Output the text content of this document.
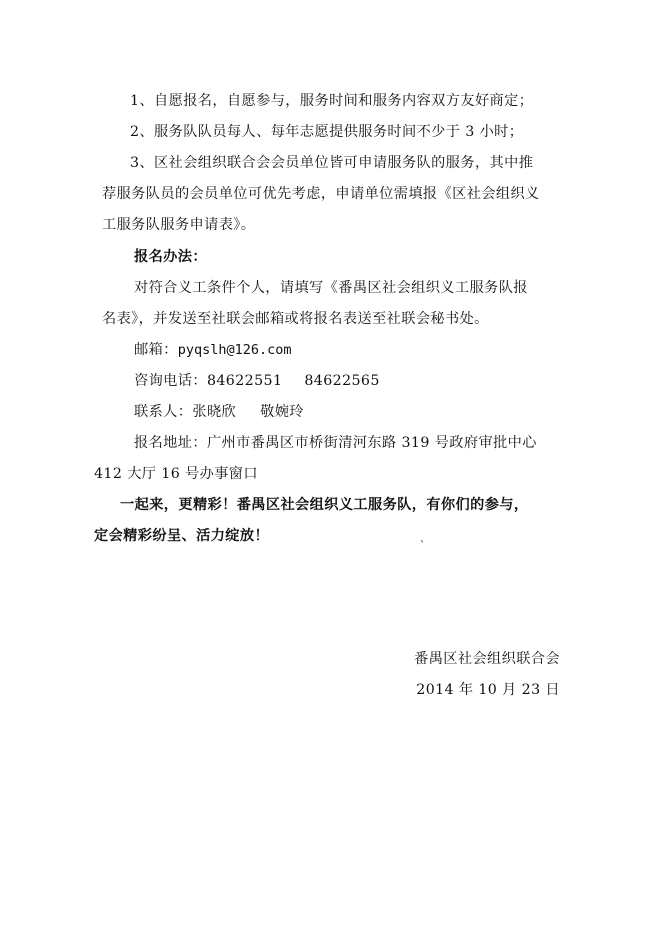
1、自愿报名，自愿参与，服务时间和服务内容双方友好商定；
2、服务队队员每人、每年志愿提供服务时间不少于 3 小时；
3、区社会组织联合会会员单位皆可申请服务队的服务，其中推
荐服务队员的会员单位可优先考虑，申请单位需填报《区社会组织义
工服务队服务申请表》。
报名办法：
对符合义工条件个人，请填写《番禺区社会组织义工服务队报
名表》，并发送至社联会邮箱或将报名表送至社联会秘书处。
邮箱：pyqslh@126.com
咨询电话：84622551 84622565
联系人：张晓欣 敬婉玲
报名地址：广州市番禺区市桥街清河东路 319 号政府审批中心
412 大厅 16 号办事窗口
一起来，更精彩！番禺区社会组织义工服务队，有你们的参与，
定会精彩纷呈、活力绽放！	、
番禺区社会组织联合会
2014 年 10 月 23 日
